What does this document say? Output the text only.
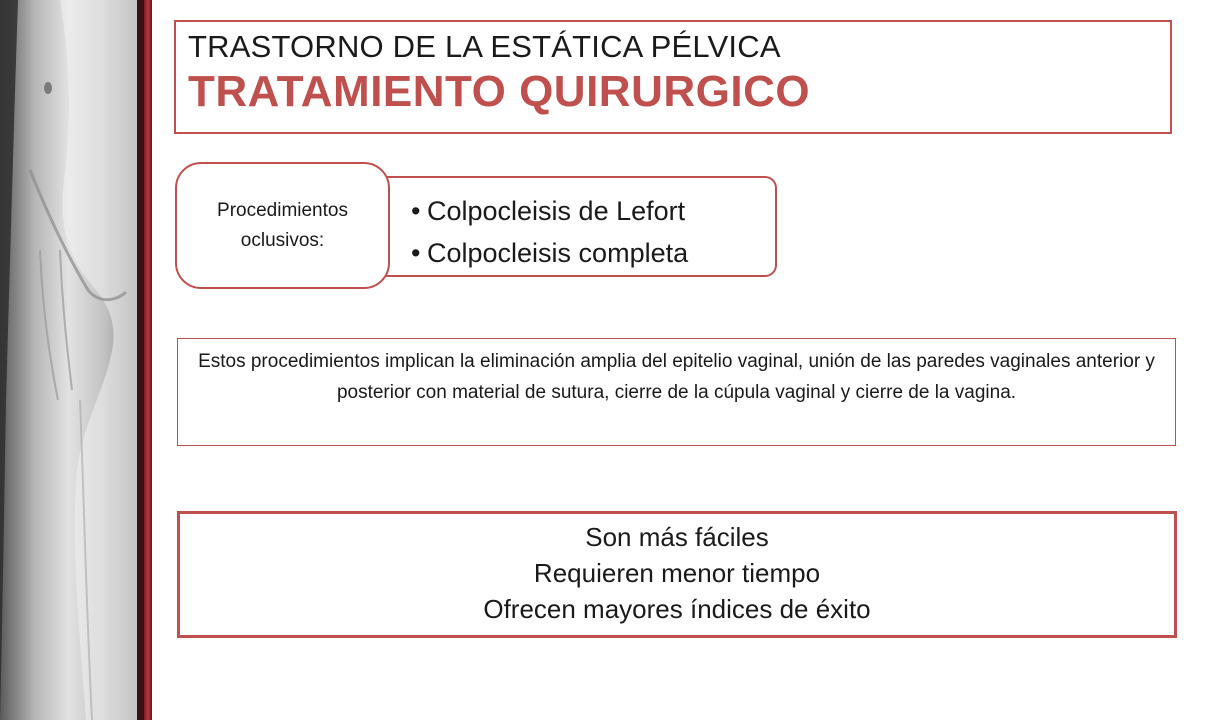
TRASTORNO DE LA ESTÁTICA PÉLVICA
TRATAMIENTO QUIRURGICO
• Colpocleisis de Lefort
• Colpocleisis completa
Procedimientos oclusivos:
Estos procedimientos implican la eliminación amplia del epitelio vaginal, unión de las paredes vaginales anterior y posterior con material de sutura, cierre de la cúpula vaginal y cierre de la vagina.
Son más fáciles
Requieren menor tiempo
Ofrecen mayores índices de éxito
